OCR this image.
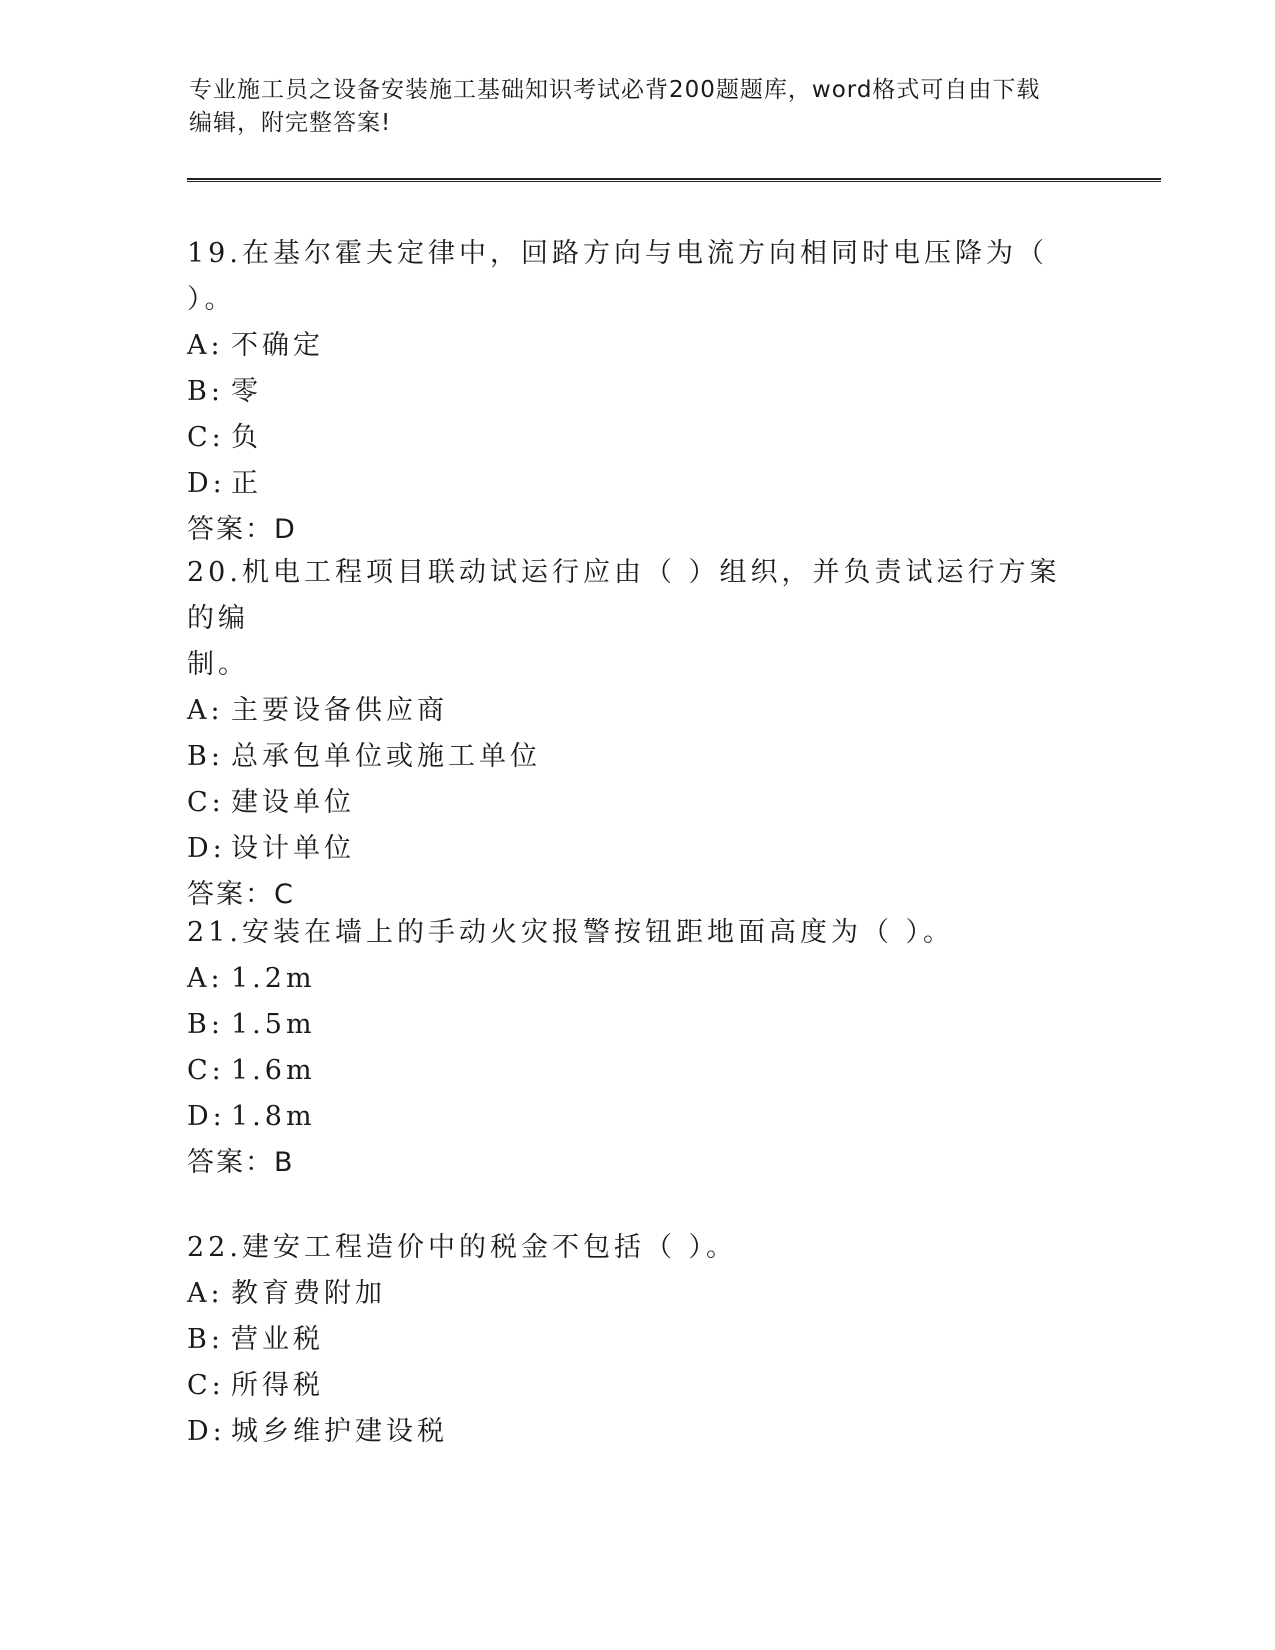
专业施工员之设备安装施工基础知识考试必背200题题库，word格式可自由下载
编辑，附完整答案!

19.在基尔霍夫定律中，回路方向与电流方向相同时电压降为（ ）。

A: 不确定

B: 零

C: 负

D: 正

答案：D

20.机电工程项目联动试运行应由（ ）组织，并负责试运行方案的编

制。

A: 主要设备供应商

B: 总承包单位或施工单位

C: 建设单位

D: 设计单位

答案：C

21.安装在墙上的手动火灾报警按钮距地面高度为（ ）。

A: 1.2m

B: 1.5m

C: 1.6m

D: 1.8m

答案：B

22.建安工程造价中的税金不包括（ ）。

A: 教育费附加

B: 营业税

C: 所得税

D: 城乡维护建设税
